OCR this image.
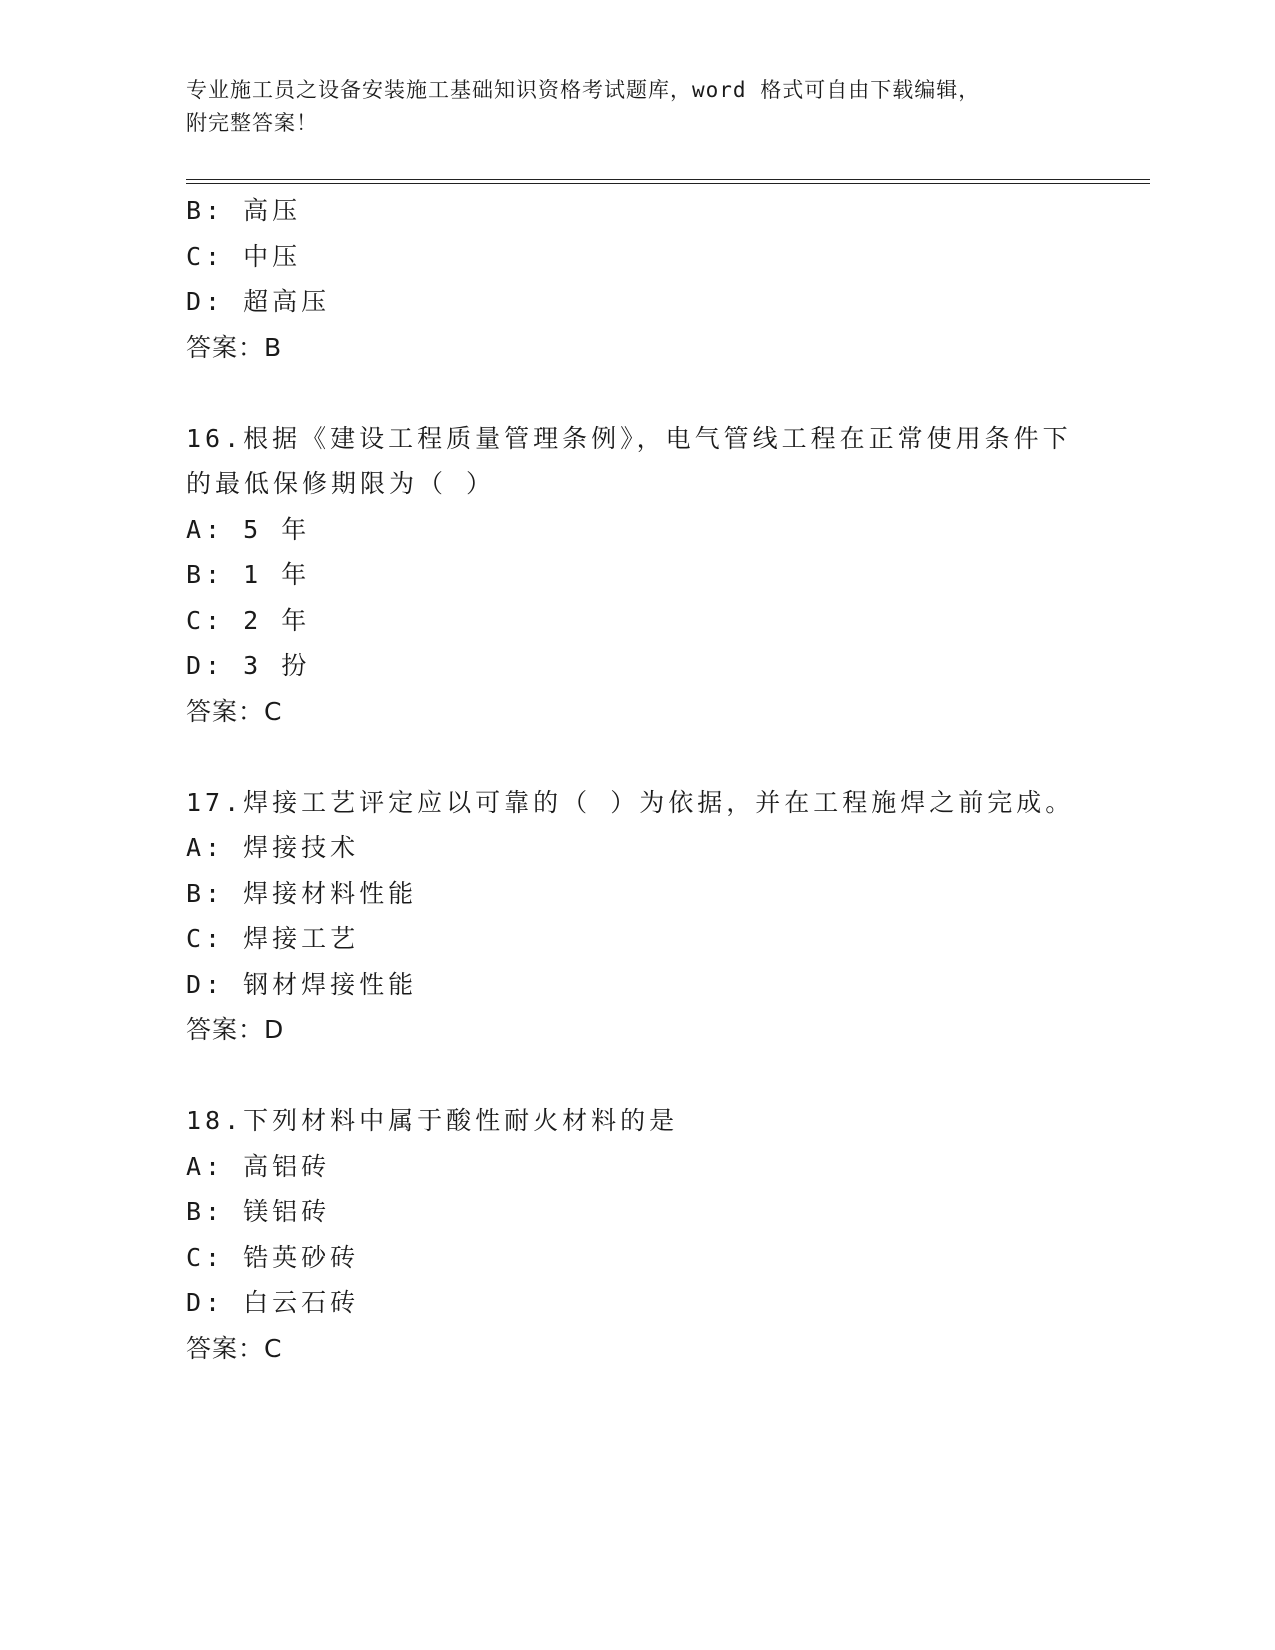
专业施工员之设备安装施工基础知识资格考试题库，word 格式可自由下载编辑，
附完整答案！
B: 高压
C: 中压
D: 超高压
答案：B
16.根据《建设工程质量管理条例》，电气管线工程在正常使用条件下
的最低保修期限为（ ）
A: 5 年
B: 1 年
C: 2 年
D: 3 扮
答案：C
17.焊接工艺评定应以可靠的（ ）为依据，并在工程施焊之前完成。
A: 焊接技术
B: 焊接材料性能
C: 焊接工艺
D: 钢材焊接性能
答案：D
18.下列材料中属于酸性耐火材料的是
A: 高铝砖
B: 镁铝砖
C: 锆英砂砖
D: 白云石砖
答案：C
